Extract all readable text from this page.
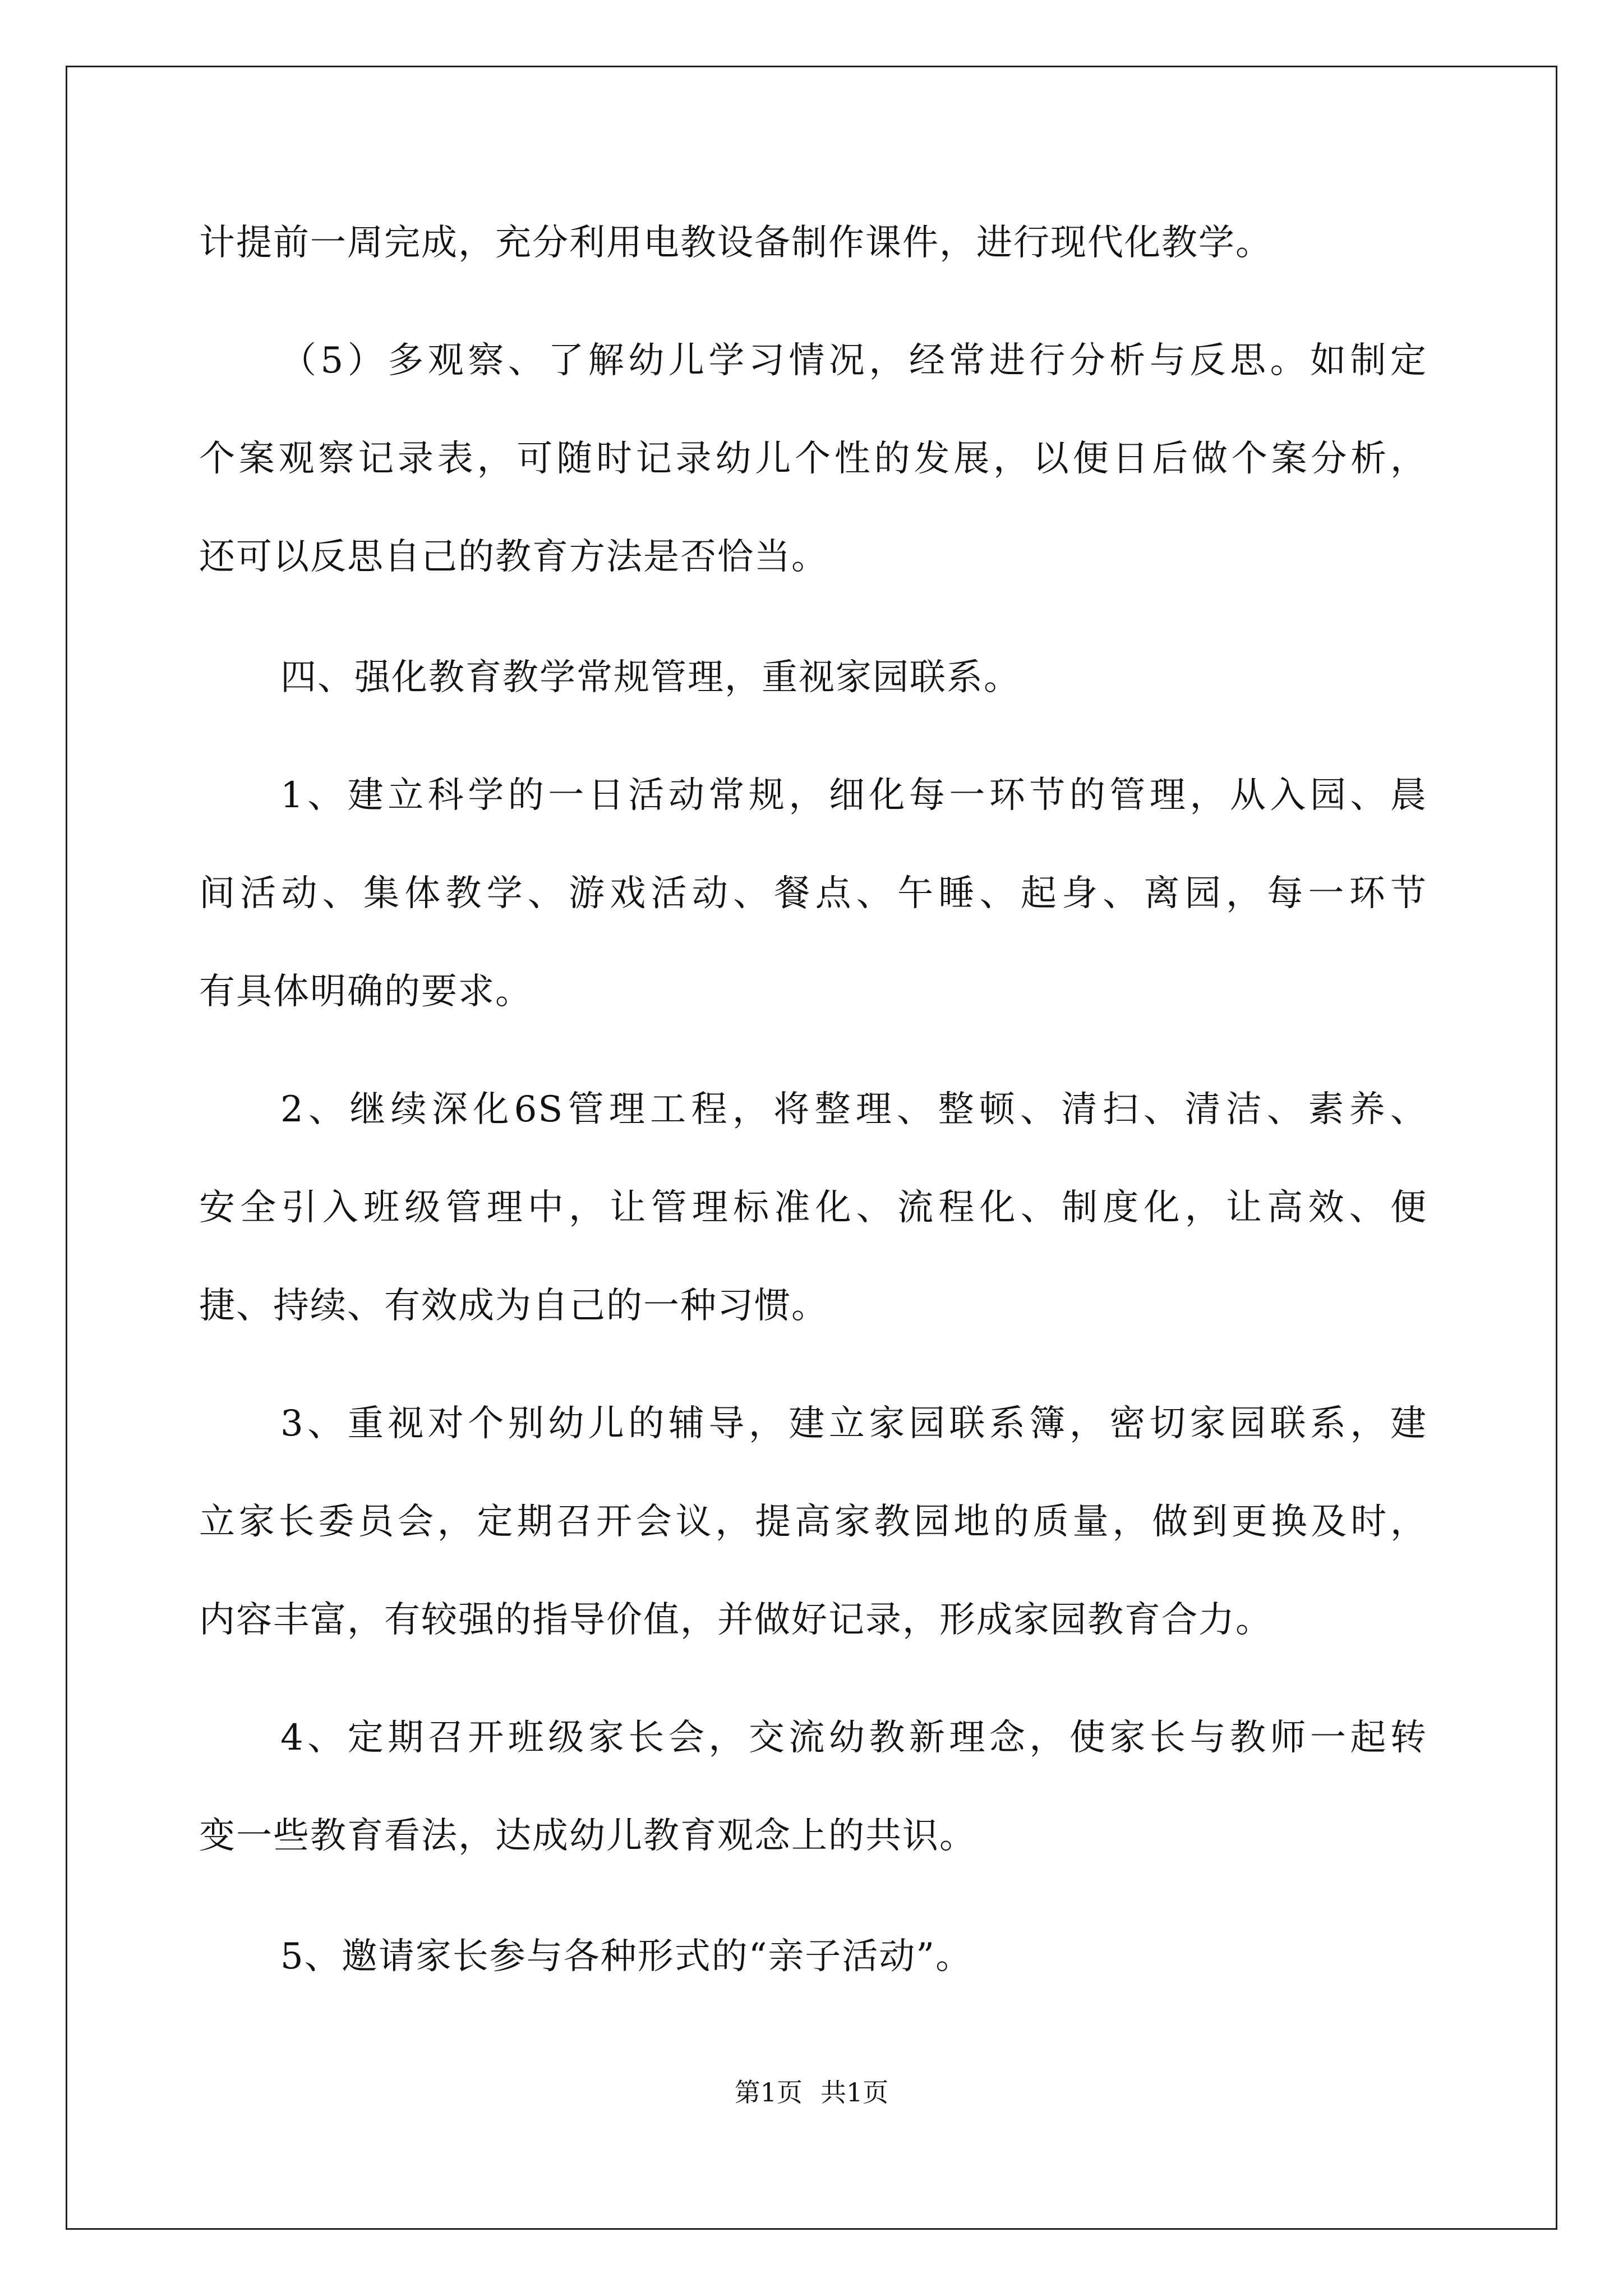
计提前一周完成，充分利用电教设备制作课件，进行现代化教学。
（5）多观察、了解幼儿学习情况，经常进行分析与反思。如制定
个案观察记录表，可随时记录幼儿个性的发展，以便日后做个案分析，
还可以反思自己的教育方法是否恰当。
四、强化教育教学常规管理，重视家园联系。
1、建立科学的一日活动常规，细化每一环节的管理，从入园、晨
间活动、集体教学、游戏活动、餐点、午睡、起身、离园，每一环节
有具体明确的要求。
2、继续深化6S管理工程，将整理、整顿、清扫、清洁、素养、
安全引入班级管理中，让管理标准化、流程化、制度化，让高效、便
捷、持续、有效成为自己的一种习惯。
3、重视对个别幼儿的辅导，建立家园联系簿，密切家园联系，建
立家长委员会，定期召开会议，提高家教园地的质量，做到更换及时，
内容丰富，有较强的指导价值，并做好记录，形成家园教育合力。
4、定期召开班级家长会，交流幼教新理念，使家长与教师一起转
变一些教育看法，达成幼儿教育观念上的共识。
5、邀请家长参与各种形式的“亲子活动”。
第1页 共1页
